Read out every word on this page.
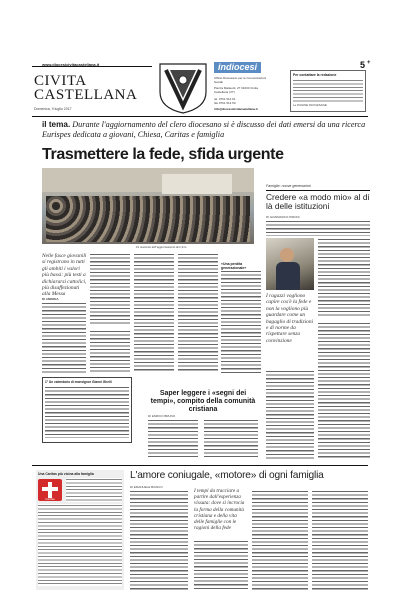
www.diocesicivitacastellana.it
CIVITA
CASTELLANA
Domenica, 9 luglio 2017
indiocesi
Ufficio Diocesano per le Comunicazioni Sociali
Piazza Matteotti, 27 01033 Civita Castellana (VT)
tel. 0761 514 61
fax 0761 513 50
info@diocesicivitacastellana.it
5 +
Per contattare la redazione
Le PAGINE DIOCESANE
il tema. Durante l'aggiornamento del clero diocesano si è discusso dei dati emersi da una ricerca Eurispes dedicata a giovani, Chiesa, Caritas e famiglia
Trasmettere la fede, sfida urgente
Un momento dell'aggiornamento del clero
Nelle fasce giovanili si registrano in tutti gli ambiti i valori più bassi: più testi a dichiararsi cattolici, più disaffezionati alla Messa
«Una perdita generazionale»
DI ANDREA
1° Un calendario di monsignor Gianni Ghelli
Saper leggere i «segni dei tempi», compito della comunità cristiana
DI ENRICO BRUNO
Famiglie: nuove generazioni
Credere «a modo mio» al di là delle istituzioni
DI GIANMARCO PIRONI
I ragazzi vogliono capire cos'è la fede e non la vogliono più guardare come un bagaglio di tradizioni e di norme da rispettare senza convinzione
Una Caritas più vicina alla famiglia
Caritas
L'amore coniugale, «motore» di ogni famiglia
DI EMANUELE BIANCO
I tempi da tracciare a partire dall'esperienza vissuta: dove si incrocia la forma della comunità cristiana e della vita delle famiglie con le ragioni della fede
